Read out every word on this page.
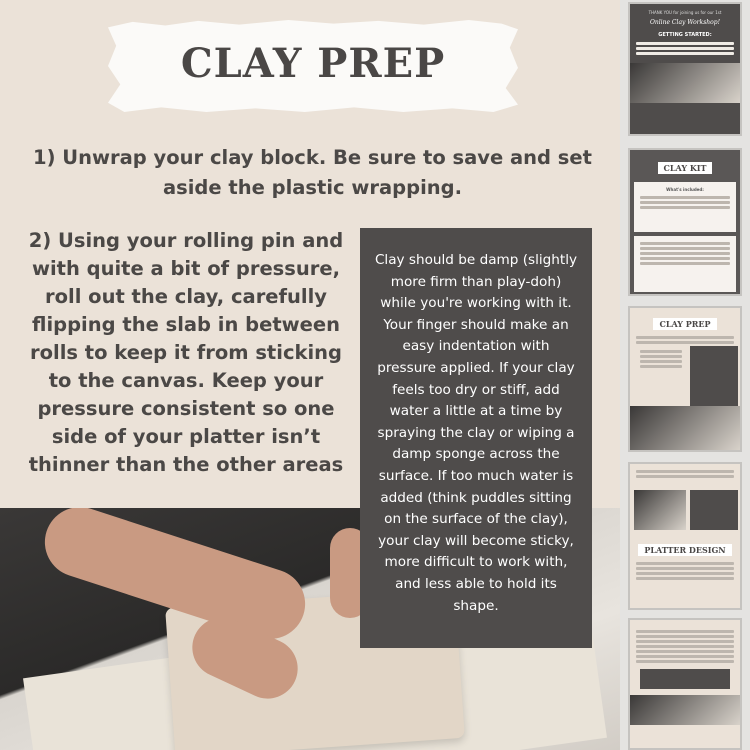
CLAY PREP
1) Unwrap your clay block. Be sure to save and set aside the plastic wrapping.
2) Using your rolling pin and with quite a bit of pressure, roll out the clay, carefully flipping the slab in between rolls to keep it from sticking to the canvas. Keep your pressure consistent so one side of your platter isn’t thinner than the other areas
Clay should be damp (slightly more firm than play-doh) while you're working with it. Your finger should make an easy indentation with pressure applied. If your clay feels too dry or stiff, add water a little at a time by spraying the clay or wiping a damp sponge across the surface. If too much water is added (think puddles sitting on the surface of the clay), your clay will become sticky, more difficult to work with, and less able to hold its shape.
THANK YOU for joining us for our 1st
Online Clay Workshop!
GETTING STARTED:
CLAY KIT
What's included:
CLAY PREP
PLATTER DESIGN
